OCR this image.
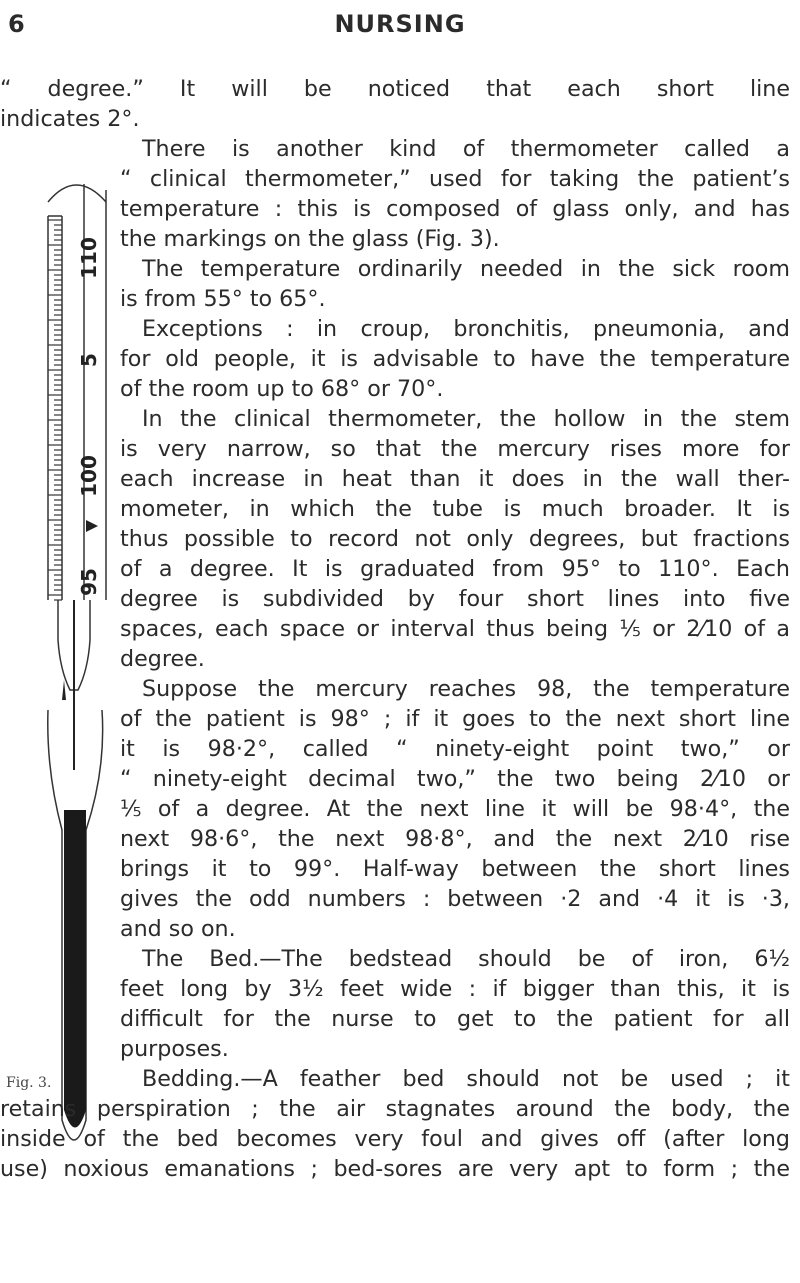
6	NURSING
110
5
100
95
Fig. 3.
“ degree.” It will be noticed that each short line
indicates 2°.
There is another kind of thermometer called a
“ clinical thermometer,” used for taking the patient’s
temperature : this is composed of glass only, and has
the markings on the glass (Fig. 3).
The temperature ordinarily needed in the sick room
is from 55° to 65°.
Exceptions : in croup, bronchitis, pneumonia, and
for old people, it is advisable to have the temperature
of the room up to 68° or 70°.
In the clinical thermometer, the hollow in the stem
is very narrow, so that the mercury rises more for
each increase in heat than it does in the wall ther-
mometer, in which the tube is much broader. It is
thus possible to record not only degrees, but fractions
of a degree. It is graduated from 95° to 110°. Each
degree is subdivided by four short lines into five
spaces, each space or interval thus being ⅕ or 2⁄10 of a
degree.
Suppose the mercury reaches 98, the temperature
of the patient is 98° ; if it goes to the next short line
it is 98·2°, called “ ninety-eight point two,” or
“ ninety-eight decimal two,” the two being 2⁄10 or
⅕ of a degree. At the next line it will be 98·4°, the
next 98·6°, the next 98·8°, and the next 2⁄10 rise
brings it to 99°. Half-way between the short lines
gives the odd numbers : between ·2 and ·4 it is ·3,
and so on.
The Bed.—The bedstead should be of iron, 6½
feet long by 3½ feet wide : if bigger than this, it is
difficult for the nurse to get to the patient for all
purposes.
Bedding.—A feather bed should not be used ; it
retains perspiration ; the air stagnates around the body, the
inside of the bed becomes very foul and gives off (after long
use) noxious emanations ; bed-sores are very apt to form ; the
